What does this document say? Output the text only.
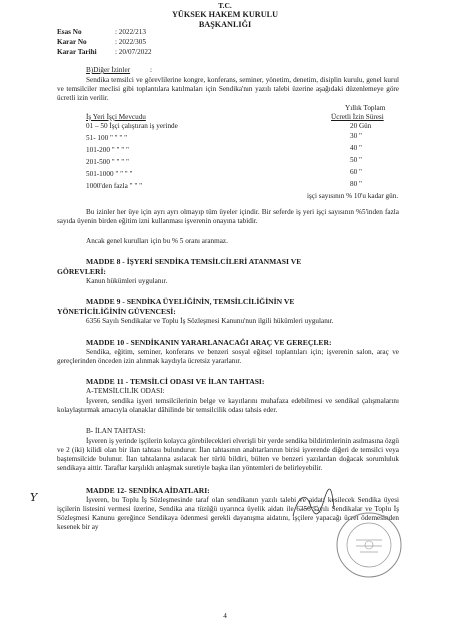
T.C.
YÜKSEK HAKEM KURULU
BAŞKANLIĞI
Esas No	: 2022/213
Karar No	: 2022/305
Karar Tarihi	: 20/07/2022
B)Diğer İzinler	:
Sendika temsilci ve görevlilerine kongre, konferans, seminer, yönetim, denetim, disiplin kurulu, genel kurul ve temsilciler meclisi gibi toplantılara katılmaları için Sendika'nın yazılı talebi üzerine aşağıdaki düzenlemeye göre ücretli izin verilir.
Yıllık Toplam
İş Yeri İşçi Mevcudu	Ücretli İzin Süresi
01 – 50 İşçi çalıştıran iş yerinde	20 Gün
51- 100 " " " "	30 "
101-200 " " " "	40 "
201-500 " " " "	50 "
501-1000 " " " "	60 "
1000'den fazla " " "	80 "
işçi sayısının % 10'u kadar gün.
Bu izinler her üye için ayrı ayrı olmayıp tüm üyeler içindir. Bir seferde iş yeri işçi sayısının %5'inden fazla sayıda üyenin birden eğitim izni kullanması işverenin onayına tabidir.
Ancak genel kurulları için bu % 5 oranı aranmaz.
MADDE 8 - İŞYERİ SENDİKA TEMSİLCİLERİ ATANMASI VE
GÖREVLERİ:
Kanun hükümleri uygulanır.
MADDE 9 - SENDİKA ÜYELİĞİNİN, TEMSİLCİLİĞİNİN VE
YÖNETİCİLİĞİNİN GÜVENCESİ:
6356 Sayılı Sendikalar ve Toplu İş Sözleşmesi Kanunu'nun ilgili hükümleri uygulanır.
MADDE 10 - SENDİKANIN YARARLANACAĞI ARAÇ VE GEREÇLER:
Sendika, eğitim, seminer, konferans ve benzeri sosyal eğitsel toplantıları için; işverenin salon, araç ve gereçlerinden önceden izin alınmak kaydıyla ücretsiz yararlanır.
MADDE 11 - TEMSİLCİ ODASI VE İLAN TAHTASI:
A-TEMSİLCİLİK ODASI:
İşveren, sendika işyeri temsilcilerinin belge ve kayıtlarını muhafaza edebilmesi ve sendikal çalışmalarını kolaylaştırmak amacıyla olanaklar dâhilinde bir temsilcilik odası tahsis eder.
B- İLAN TAHTASI:
İşveren iş yerinde işçilerin kolayca görebilecekleri elverişli bir yerde sendika bildirimlerinin asılmasına özgü ve 2 (iki) kilidi olan bir ilan tahtası bulundurur. İlan tahtasının anahtarlarının birisi işverende diğeri de temsilci veya baştemsilcide bulunur. İlan tahtalarına asılacak her türlü bildiri, bülten ve benzeri yazılardan doğacak sorumluluk sendikaya aittir. Taraflar karşılıklı anlaşmak suretiyle başka ilan yöntemleri de belirleyebilir.
MADDE 12- SENDİKA AİDATLARI:
İşveren, bu Toplu İş Sözleşmesinde taraf olan sendikanın yazılı talebi ve aidatı kesilecek Sendika üyesi işçilerin listesini vermesi üzerine, Sendika ana tüzüğü uyarınca üyelik aidatı ile 6356 sayılı Sendikalar ve Toplu İş Sözleşmesi Kanunu gereğince Sendikaya ödenmesi gerekli dayanışma aidatını, işçilere yapacağı ücret ödemesinden kesenek bir ay
Y
4
